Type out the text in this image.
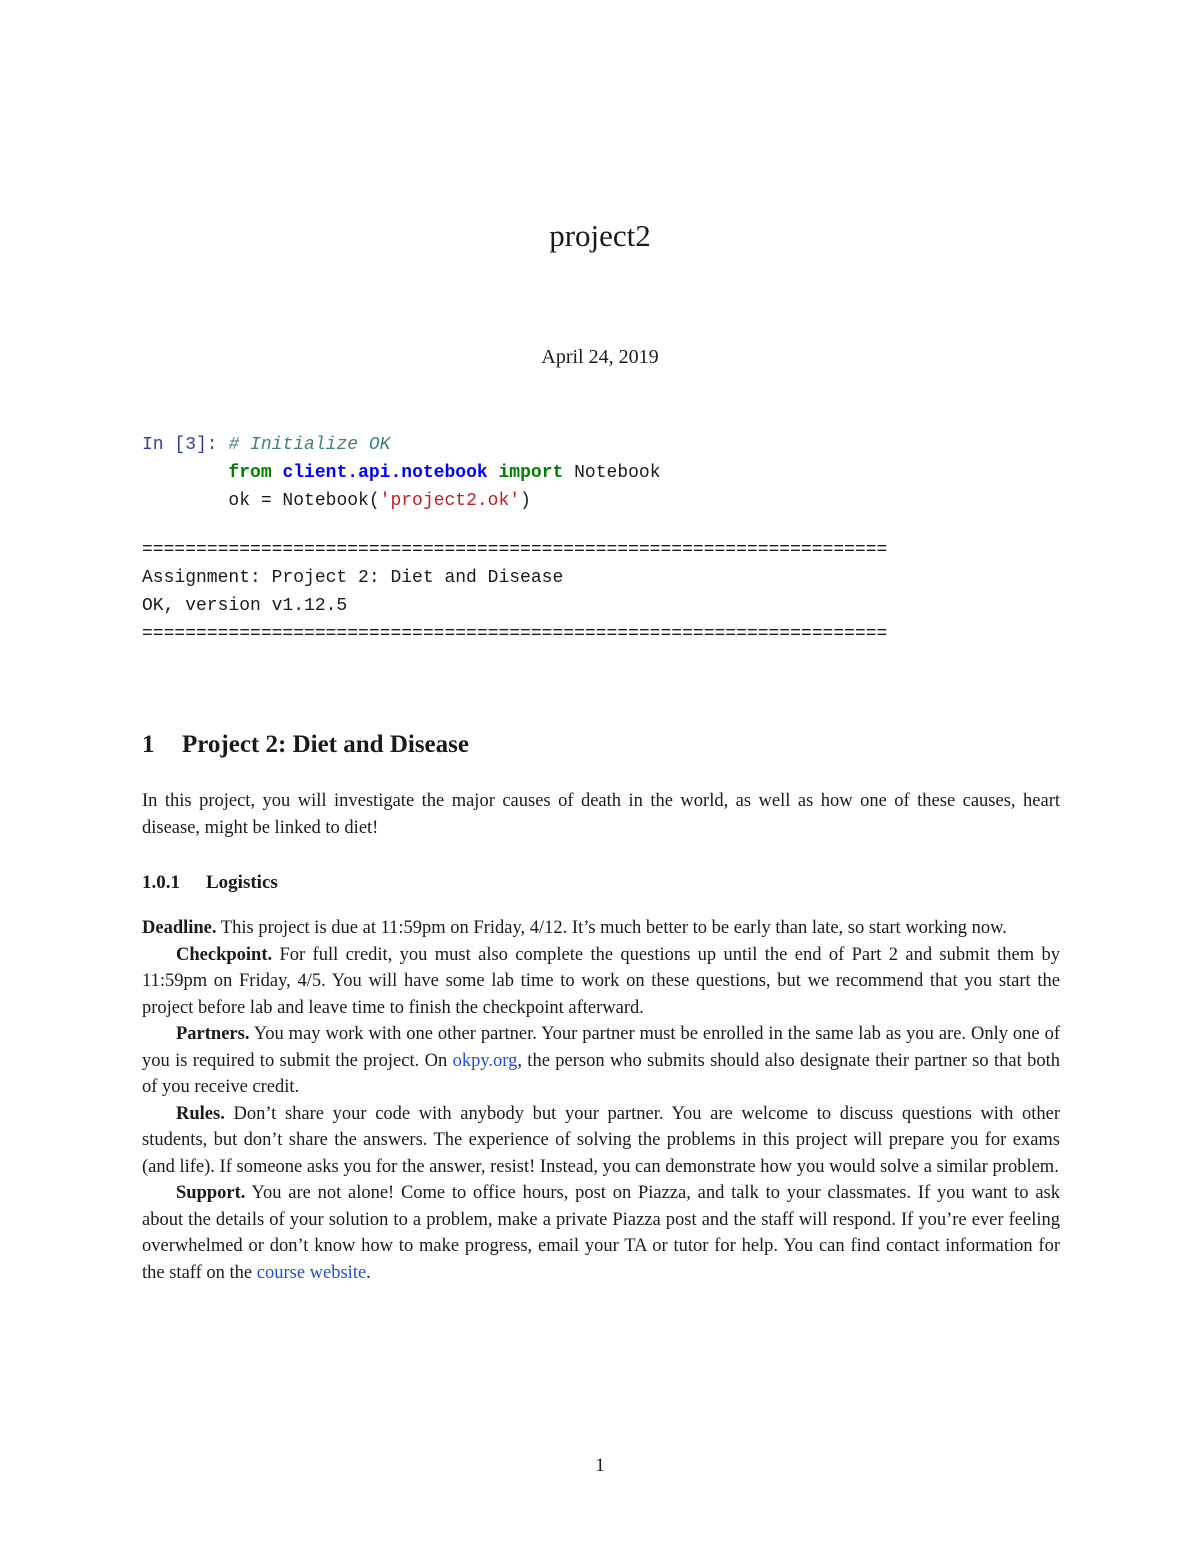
project2
April 24, 2019
In [3]: # Initialize OK
from client.api.notebook import Notebook
ok = Notebook('project2.ok')
=====================================================================
Assignment: Project 2: Diet and Disease
OK, version v1.12.5
=====================================================================
1 Project 2: Diet and Disease
In this project, you will investigate the major causes of death in the world, as well as how one of these causes, heart disease, might be linked to diet!
1.0.1 Logistics

Deadline. This project is due at 11:59pm on Friday, 4/12. It’s much better to be early than late, so start working now.

Checkpoint. For full credit, you must also complete the questions up until the end of Part 2 and submit them by 11:59pm on Friday, 4/5. You will have some lab time to work on these questions, but we recommend that you start the project before lab and leave time to finish the checkpoint afterward.

Partners. You may work with one other partner. Your partner must be enrolled in the same lab as you are. Only one of you is required to submit the project. On okpy.org, the person who submits should also designate their partner so that both of you receive credit.

Rules. Don’t share your code with anybody but your partner. You are welcome to discuss questions with other students, but don’t share the answers. The experience of solving the problems in this project will prepare you for exams (and life). If someone asks you for the answer, resist! Instead, you can demonstrate how you would solve a similar problem.

Support. You are not alone! Come to office hours, post on Piazza, and talk to your classmates. If you want to ask about the details of your solution to a problem, make a private Piazza post and the staff will respond. If you’re ever feeling overwhelmed or don’t know how to make progress, email your TA or tutor for help. You can find contact information for the staff on the course website.

1
